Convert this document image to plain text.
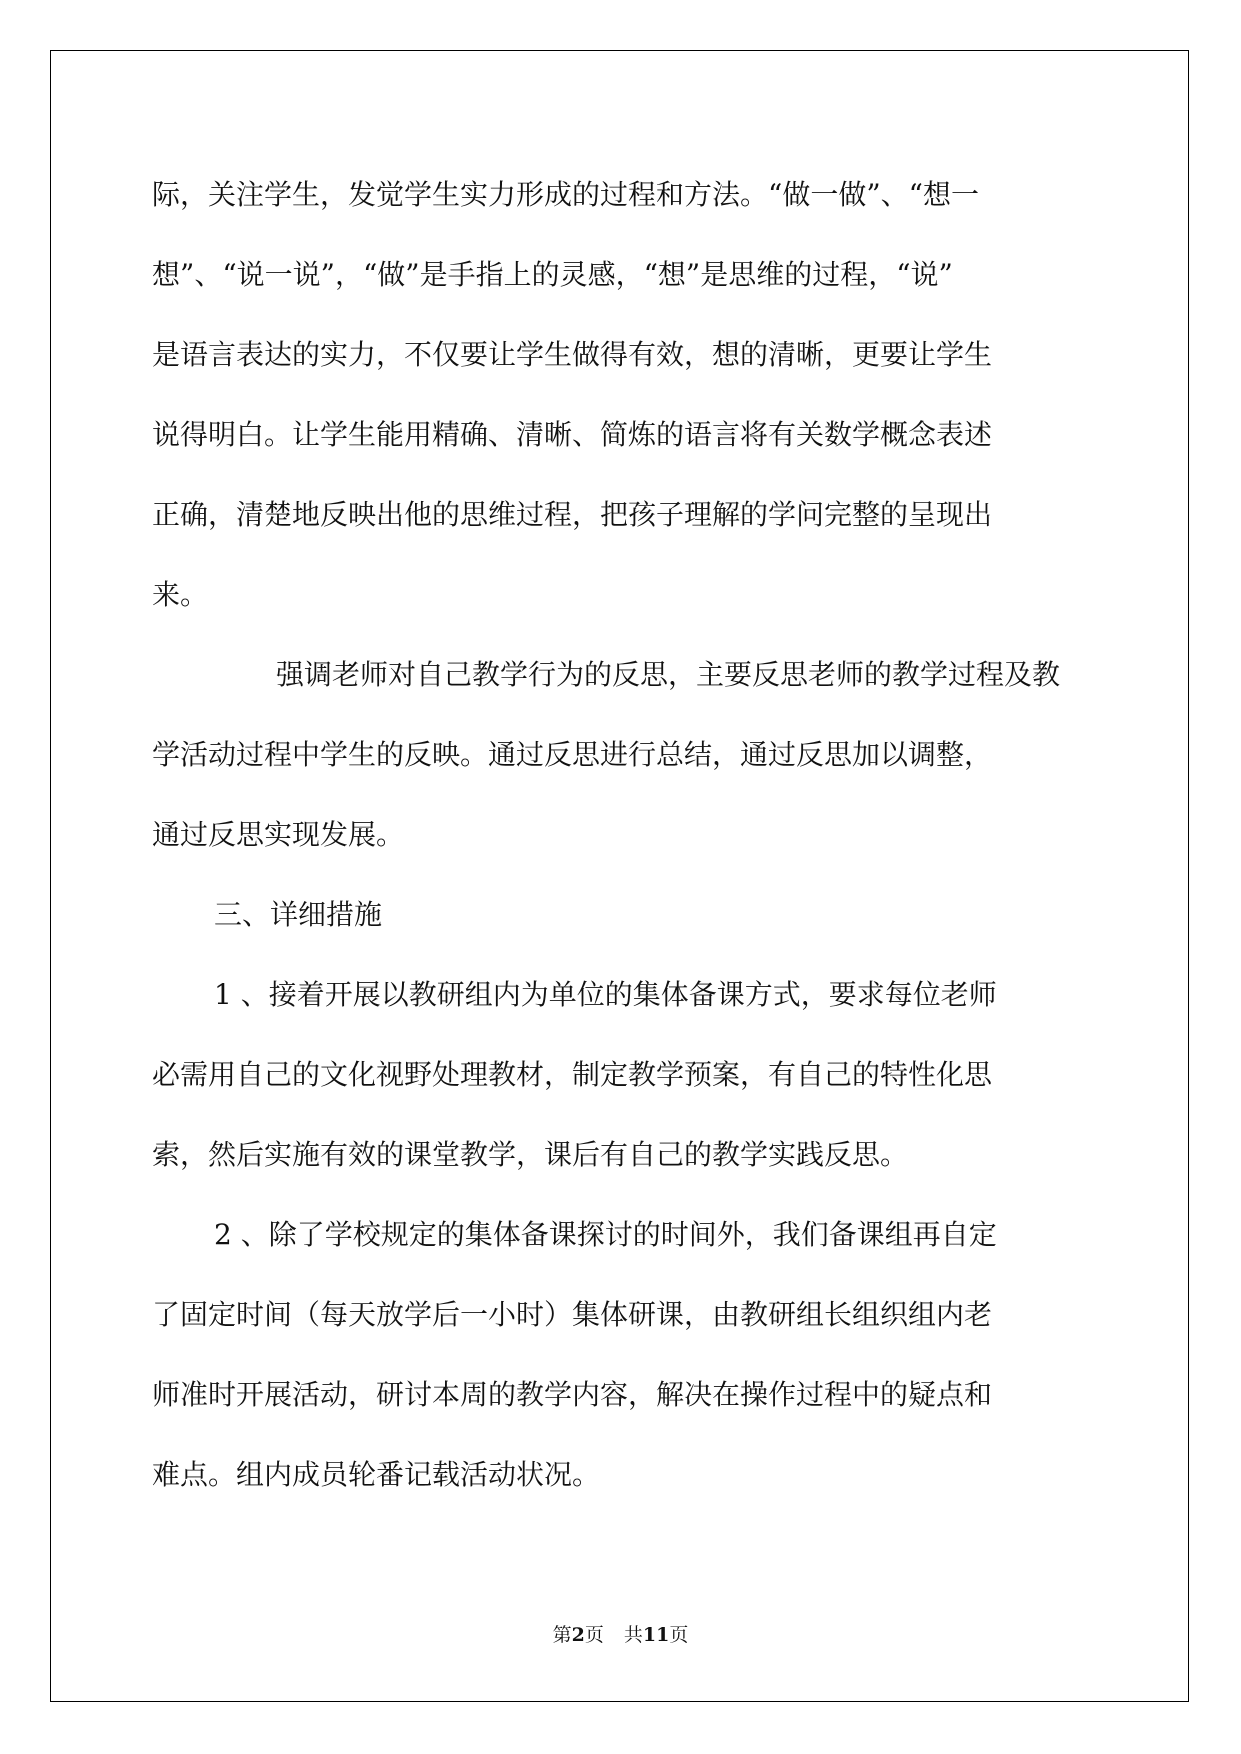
际，关注学生，发觉学生实力形成的过程和方法。“做一做”、“想一
想”、“说一说”，“做”是手指上的灵感，“想”是思维的过程，“说”
是语言表达的实力，不仅要让学生做得有效，想的清晰，更要让学生
说得明白。让学生能用精确、清晰、简炼的语言将有关数学概念表述
正确，清楚地反映出他的思维过程，把孩子理解的学问完整的呈现出
来。

强调老师对自己教学行为的反思，主要反思老师的教学过程及教
学活动过程中学生的反映。通过反思进行总结，通过反思加以调整，
通过反思实现发展。

三、详细措施

1 、接着开展以教研组内为单位的集体备课方式，要求每位老师
必需用自己的文化视野处理教材，制定教学预案，有自己的特性化思
索，然后实施有效的课堂教学，课后有自己的教学实践反思。

2 、除了学校规定的集体备课探讨的时间外，我们备课组再自定
了固定时间（每天放学后一小时）集体研课，由教研组长组织组内老
师准时开展活动，研讨本周的教学内容，解决在操作过程中的疑点和
难点。组内成员轮番记载活动状况。

第2页 共11页
